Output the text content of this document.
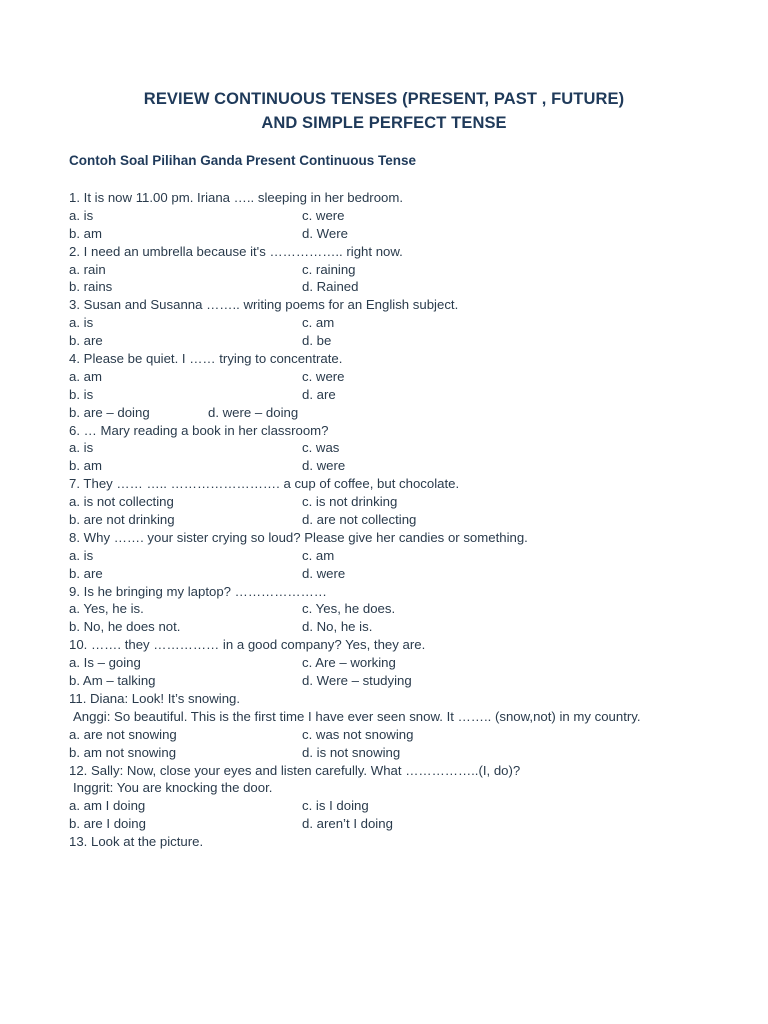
REVIEW CONTINUOUS TENSES (PRESENT, PAST , FUTURE)
AND SIMPLE PERFECT TENSE
Contoh Soal Pilihan Ganda Present Continuous Tense
1. It is now 11.00 pm. Iriana ….. sleeping in her bedroom.
a. is	c. were
b. am	d. Were
2. I need an umbrella because it's …………….. right now.
a. rain	c. raining
b. rains	d. Rained
3. Susan and Susanna …….. writing poems for an English subject.
a. is	c. am
b. are	d. be
4. Please be quiet. I …… trying to concentrate.
a. am	c. were
b. is	d. are
b. are – doing	d. were – doing
6. … Mary reading a book in her classroom?
a. is	c. was
b. am	d. were
7. They …… ….. ……………………. a cup of coffee, but chocolate.
a. is not collecting	c. is not drinking
b. are not drinking	d. are not collecting
8. Why ……. your sister crying so loud? Please give her candies or something.
a. is	c. am
b. are	d. were
9. Is he bringing my laptop? …………………
a. Yes, he is.	c. Yes, he does.
b. No, he does not.	d. No, he is.
10. ……. they …………… in a good company? Yes, they are.
a. Is – going	c. Are – working
b. Am – talking	d. Were – studying
11. Diana: Look! It’s snowing.
Anggi: So beautiful. This is the first time I have ever seen snow. It …….. (snow,not) in my country.
a. are not snowing	c. was not snowing
b. am not snowing	d. is not snowing
12. Sally: Now, close your eyes and listen carefully. What ……………..(I, do)?
Inggrit: You are knocking the door.
a. am I doing	c. is I doing
b. are I doing	d. aren’t I doing
13. Look at the picture.
